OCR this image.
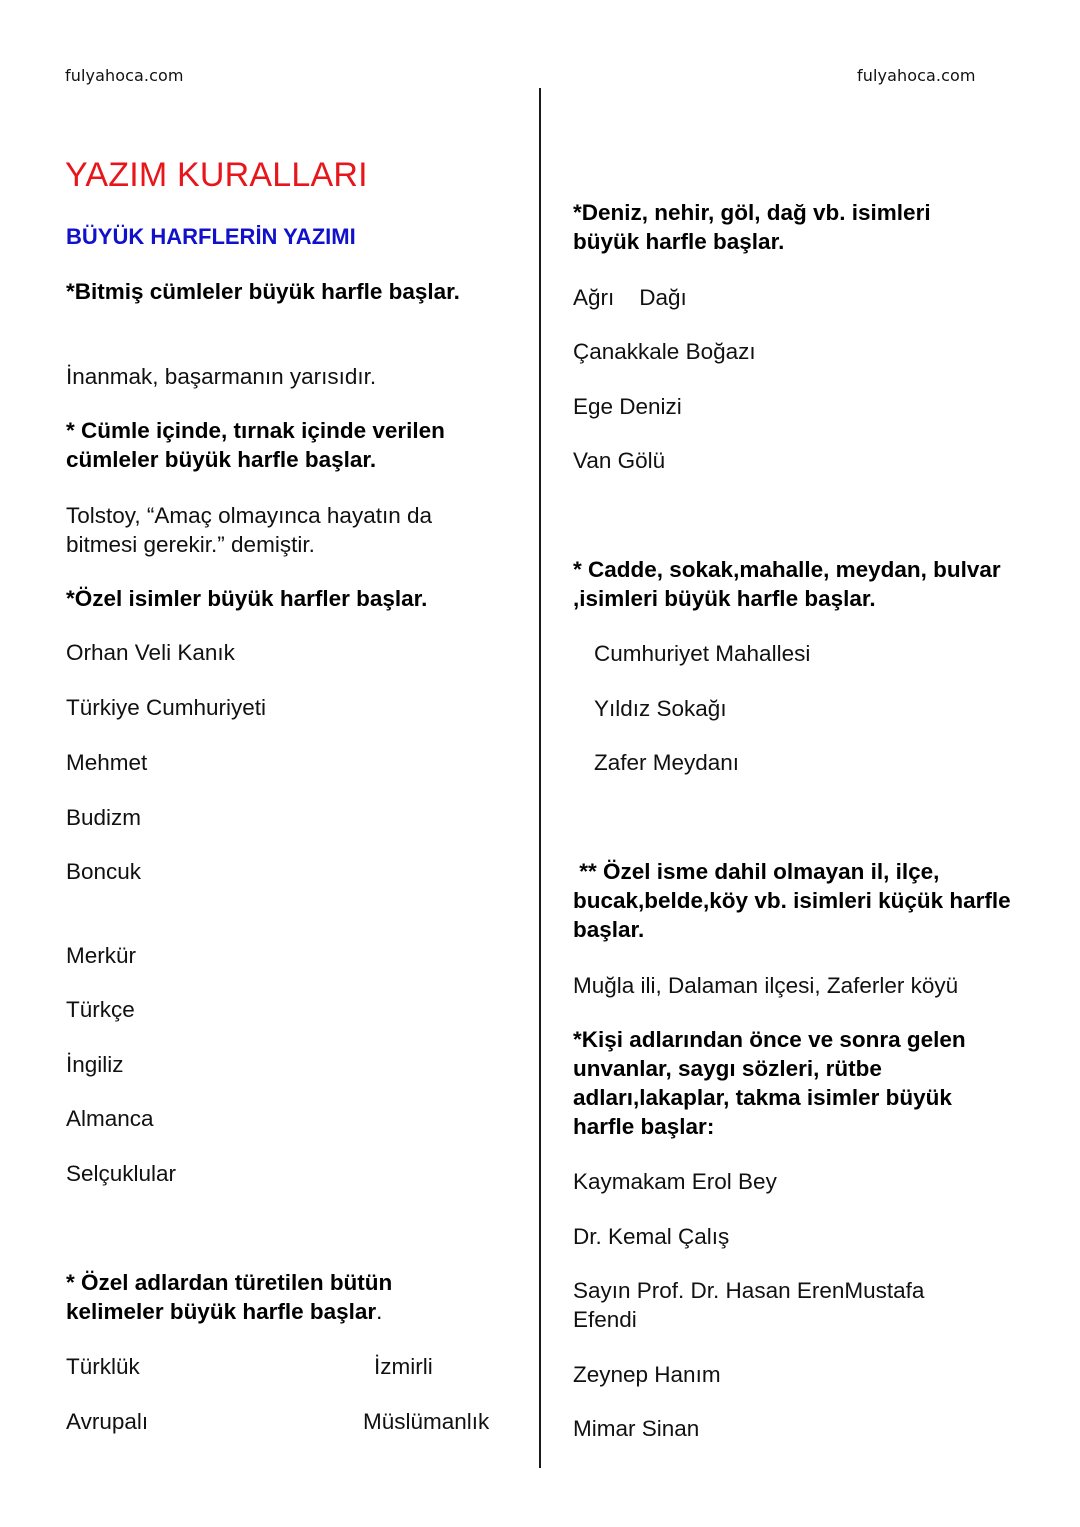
fulyahoca.com	fulyahoca.com
YAZIM KURALLARI
BÜYÜK HARFLERİN YAZIMI

*Bitmiş cümleler büyük harfle başlar.

İnanmak, başarmanın yarısıdır.

* Cümle içinde, tırnak içinde verilen cümleler büyük harfle başlar.

Tolstoy, “Amaç olmayınca hayatın da bitmesi gerekir.” demiştir.

*Özel isimler büyük harfler başlar.

Orhan Veli Kanık

Türkiye Cumhuriyeti

Mehmet

Budizm

Boncuk

Merkür

Türkçe

İngiliz

Almanca

Selçuklular

* Özel adlardan türetilen bütün kelimeler büyük harfle başlar.

Türklük	İzmirli

Avrupalı	Müslümanlık

*Deniz, nehir, göl, dağ vb. isimleri büyük harfle başlar.

Ağrı    Dağı

Çanakkale Boğazı

Ege Denizi

Van Gölü

* Cadde, sokak,mahalle, meydan, bulvar ,isimleri büyük harfle başlar.

Cumhuriyet Mahallesi

Yıldız Sokağı

Zafer Meydanı

** Özel isme dahil olmayan il, ilçe, bucak,belde,köy vb. isimleri küçük harfle başlar.

Muğla ili, Dalaman ilçesi, Zaferler köyü

*Kişi adlarından önce ve sonra gelen unvanlar, saygı sözleri, rütbe adları,lakaplar, takma isimler büyük harfle başlar:

Kaymakam Erol Bey

Dr. Kemal Çalış

Sayın Prof. Dr. Hasan ErenMustafa Efendi

Zeynep Hanım

Mimar Sinan
